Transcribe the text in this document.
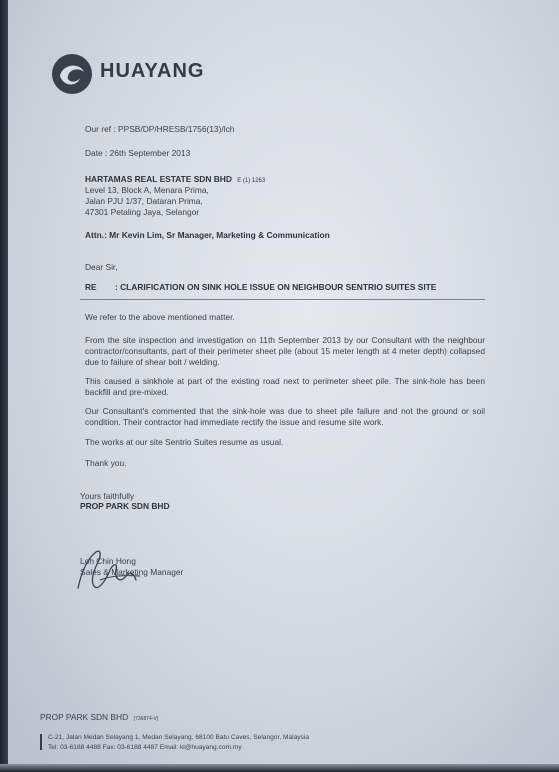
HUAYANG
Our ref : PPSB/DP/HRESB/1756(13)/lch
Date : 26th September 2013
HARTAMAS REAL ESTATE SDN BHD E (1) 1263
Level 13, Block A, Menara Prima,
Jalan PJU 1/37, Dataran Prima,
47301 Petaling Jaya, Selangor
Attn.: Mr Kevin Lim, Sr Manager, Marketing & Communication
Dear Sir,
RE : CLARIFICATION ON SINK HOLE ISSUE ON NEIGHBOUR SENTRIO SUITES SITE
We refer to the above mentioned matter.
From the site inspection and investigation on 11th September 2013 by our Consultant with the neighbour contractor/consultants, part of their perimeter sheet pile (about 15 meter length at 4 meter depth) collapsed due to failure of shear bolt / welding.
This caused a sinkhole at part of the existing road next to perimeter sheet pile. The sink-hole has been backfill and pre-mixed.
Our Consultant's commented that the sink-hole was due to sheet pile failure and not the ground or soil condition. Their contractor had immediate rectify the issue and resume site work.
The works at our site Sentrio Suites resume as usual.
Thank you.
Yours faithfully
PROP PARK SDN BHD
Loh Chin Hong
Sales & Marketing Manager
PROP PARK SDN BHD (736874-V)
C-21, Jalan Medan Selayang 1, Medan Selayang, 68100 Batu Caves, Selangor, Malaysia
Tel: 03-6188 4488 Fax: 03-6188 4487 Email: kl@huayang.com.my
